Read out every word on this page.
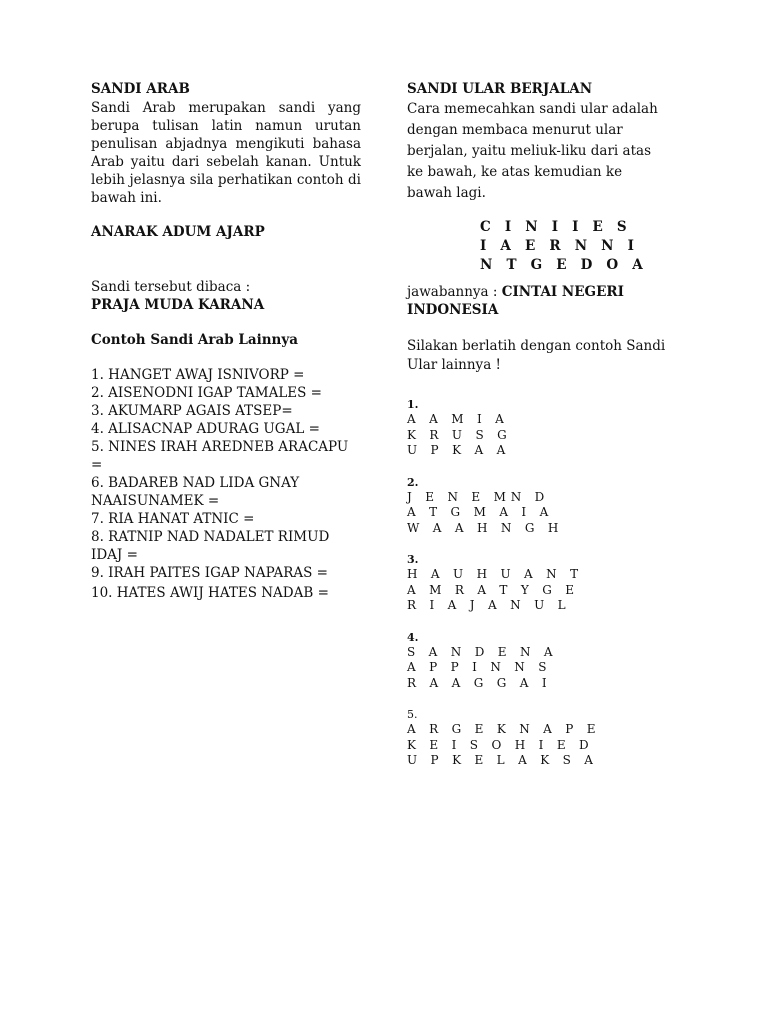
SANDI ARAB

Sandi Arab merupakan sandi yang berupa tulisan latin namun urutan penulisan abjadnya mengikuti bahasa Arab yaitu dari sebelah kanan. Untuk lebih jelasnya sila perhatikan contoh di bawah ini.

ANARAK ADUM AJARP

Sandi tersebut dibaca :

PRAJA MUDA KARANA

Contoh Sandi Arab Lainnya

1. HANGET AWAJ ISNIVORP =
2. AISENODNI IGAP TAMALES =
3. AKUMARP AGAIS ATSEP=
4. ALISACNAP ADURAG UGAL =
5. NINES IRAH AREDNEB ARACAPU =
6. BADAREB NAD LIDA GNAY NAAISUNAMEK =
7. RIA HANAT ATNIC =
8. RATNIP NAD NADALET RIMUD IDAJ =
9. IRAH PAITES IGAP NAPARAS =
10. HATES AWIJ HATES NADAB =

SANDI ULAR BERJALAN

Cara memecahkan sandi ular adalah dengan membaca menurut ular berjalan, yaitu meliuk-liku dari atas ke bawah, ke atas kemudian ke bawah lagi.

C   I   N   I   I   E   S
I   A   E   R   N   N   I
N   T   G   E   D   O   A
jawabannya : CINTAI NEGERI INDONESIA
Silakan berlatih dengan contoh Sandi Ular lainnya !
1.
A   A   M   I   A
K   R   U   S   G
U   P   K   A   A
2.
J   E   N   E   M N   D
A   T   G   M   A   I   A
W   A   A   H   N   G   H
3.
H   A   U   H   U   A   N   T
A   M   R   A   T   Y   G   E
R   I   A   J   A   N   U   L
4.
S   A   N   D   E   N   A
A   P   P   I   N   N   S
R   A   A   G   G   A   I
5.
A   R   G   E   K   N   A   P   E
K   E   I   S   O   H   I   E   D
U   P   K   E   L   A   K   S   A
